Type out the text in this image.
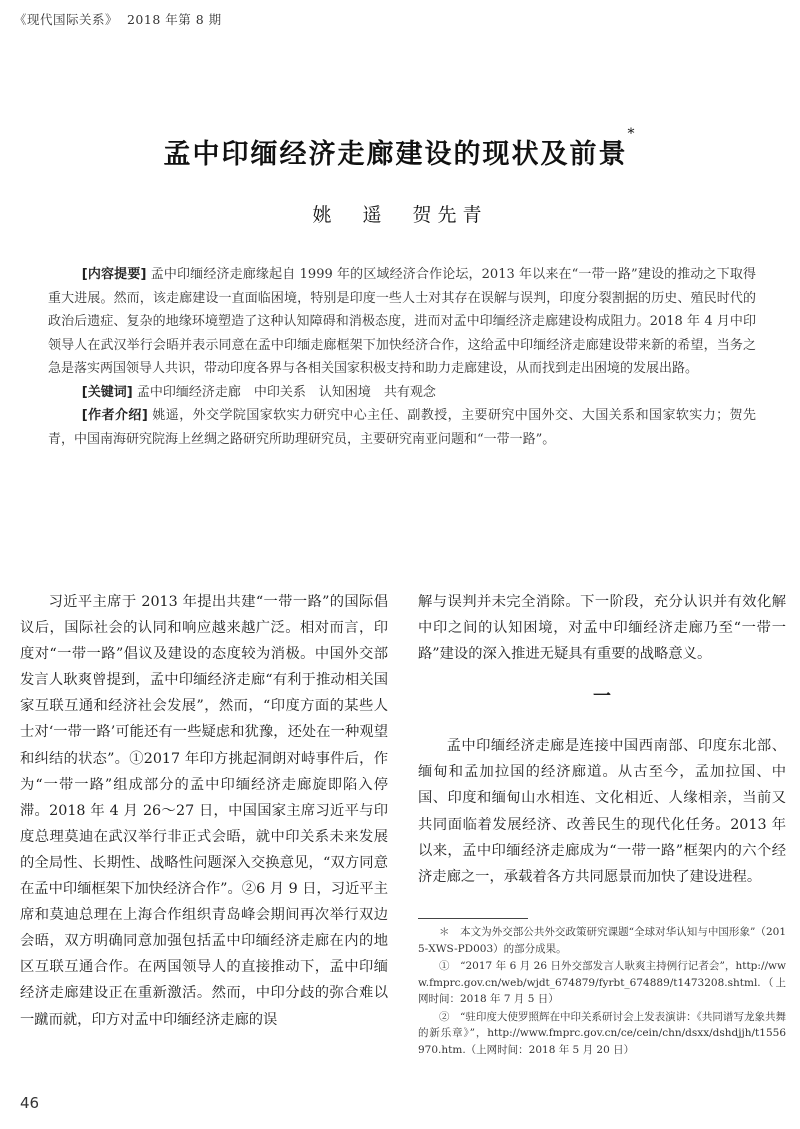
《现代国际关系》 2018 年第 8 期
孟中印缅经济走廊建设的现状及前景*
姚　遥　贺先青

[内容提要] 孟中印缅经济走廊缘起自 1999 年的区域经济合作论坛，2013 年以来在“一带一路”建设的推动之下取得重大进展。然而，该走廊建设一直面临困境，特别是印度一些人士对其存在误解与误判，印度分裂割据的历史、殖民时代的政治后遗症、复杂的地缘环境塑造了这种认知障碍和消极态度，进而对孟中印缅经济走廊建设构成阻力。2018 年 4 月中印领导人在武汉举行会晤并表示同意在孟中印缅走廊框架下加快经济合作，这给孟中印缅经济走廊建设带来新的希望，当务之急是落实两国领导人共识，带动印度各界与各相关国家积极支持和助力走廊建设，从而找到走出困境的发展出路。

[关键词] 孟中印缅经济走廊　中印关系　认知困境　共有观念

[作者介绍] 姚遥，外交学院国家软实力研究中心主任、副教授，主要研究中国外交、大国关系和国家软实力；贺先青，中国南海研究院海上丝绸之路研究所助理研究员，主要研究南亚问题和“一带一路”。

习近平主席于 2013 年提出共建“一带一路”的国际倡议后，国际社会的认同和响应越来越广泛。相对而言，印度对“一带一路”倡议及建设的态度较为消极。中国外交部发言人耿爽曾提到，孟中印缅经济走廊“有利于推动相关国家互联互通和经济社会发展”，然而，“印度方面的某些人士对‘一带一路’可能还有一些疑虑和犹豫，还处在一种观望和纠结的状态”。①2017 年印方挑起洞朗对峙事件后，作为“一带一路”组成部分的孟中印缅经济走廊旋即陷入停滞。2018 年 4 月 26～27 日，中国国家主席习近平与印度总理莫迪在武汉举行非正式会晤，就中印关系未来发展的全局性、长期性、战略性问题深入交换意见，“双方同意在孟中印缅框架下加快经济合作”。②6 月 9 日，习近平主席和莫迪总理在上海合作组织青岛峰会期间再次举行双边会晤，双方明确同意加强包括孟中印缅经济走廊在内的地区互联互通合作。在两国领导人的直接推动下，孟中印缅经济走廊建设正在重新激活。然而，中印分歧的弥合难以一蹴而就，印方对孟中印缅经济走廊的误

解与误判并未完全消除。下一阶段，充分认识并有效化解中印之间的认知困境，对孟中印缅经济走廊乃至“一带一路”建设的深入推进无疑具有重要的战略意义。

一

孟中印缅经济走廊是连接中国西南部、印度东北部、缅甸和孟加拉国的经济廊道。从古至今，孟加拉国、中国、印度和缅甸山水相连、文化相近、人缘相亲，当前又共同面临着发展经济、改善民生的现代化任务。2013 年以来，孟中印缅经济走廊成为“一带一路”框架内的六个经济走廊之一，承载着各方共同愿景而加快了建设进程。

＊　本文为外交部公共外交政策研究课题“全球对华认知与中国形象”（2015-XWS-PD003）的部分成果。

①　“2017 年 6 月 26 日外交部发言人耿爽主持例行记者会”，http://www.fmprc.gov.cn/web/wjdt_674879/fyrbt_674889/t1473208.shtml.（上网时间：2018 年 7 月 5 日）

②　“驻印度大使罗照辉在中印关系研讨会上发表演讲：《共同谱写龙象共舞的新乐章》”，http://www.fmprc.gov.cn/ce/cein/chn/dsxx/dshdjjh/t1556970.htm.（上网时间：2018 年 5 月 20 日）

46
